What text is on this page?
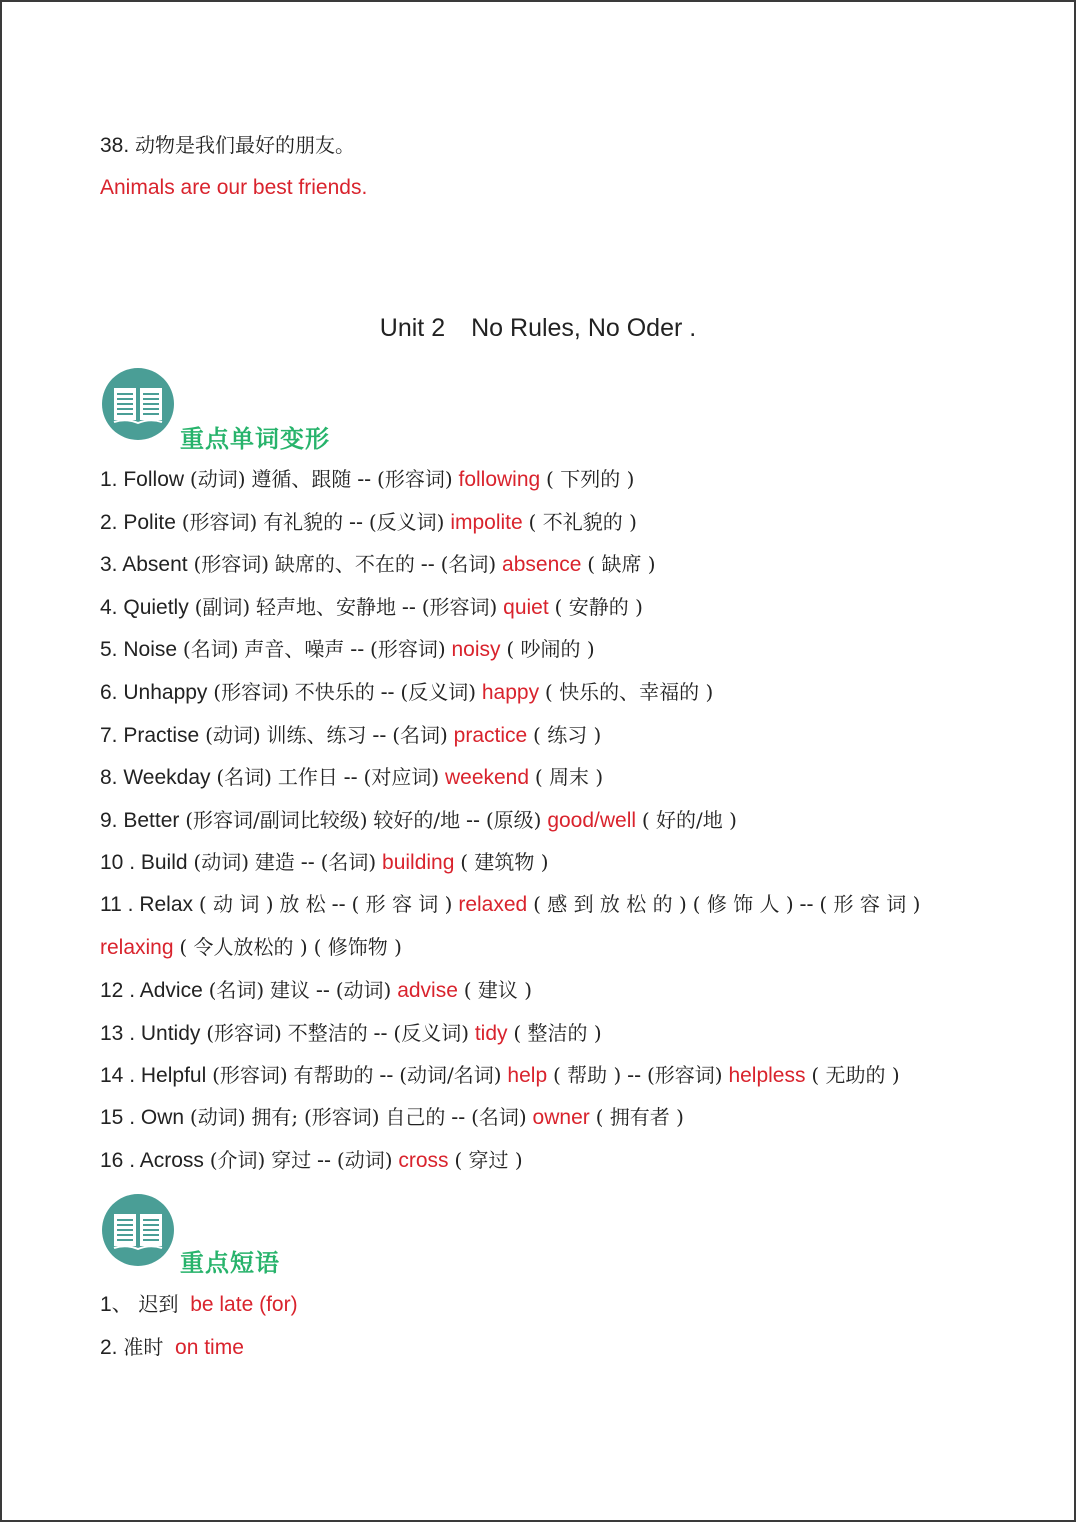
38. 动物是我们最好的朋友。
Animals are our best friends.
Unit 2 No Rules, No Oder .
重点单词变形
1. Follow (动词) 遵循、跟随 -- (形容词) following ( 下列的 )
2. Polite (形容词) 有礼貌的 -- (反义词) impolite ( 不礼貌的 )
3. Absent (形容词) 缺席的、不在的 -- (名词) absence ( 缺席 )
4. Quietly (副词) 轻声地、安静地 -- (形容词) quiet ( 安静的 )
5. Noise (名词) 声音、噪声 -- (形容词) noisy ( 吵闹的 )
6. Unhappy (形容词) 不快乐的 -- (反义词) happy ( 快乐的、幸福的 )
7. Practise (动词) 训练、练习 -- (名词) practice ( 练习 )
8. Weekday (名词) 工作日 -- (对应词) weekend ( 周末 )
9. Better (形容词/副词比较级) 较好的/地 -- (原级) good/well ( 好的/地 )
10 . Build (动词) 建造 -- (名词) building ( 建筑物 )
11 . Relax ( 动 词 ) 放 松 -- ( 形 容 词 ) relaxed ( 感 到 放 松 的 ) ( 修 饰 人 ) -- ( 形 容 词 )
relaxing ( 令人放松的 ) ( 修饰物 )
12 . Advice (名词) 建议 -- (动词) advise ( 建议 )
13 . Untidy (形容词) 不整洁的 -- (反义词) tidy ( 整洁的 )
14 . Helpful (形容词) 有帮助的 -- (动词/名词) help ( 帮助 ) -- (形容词) helpless ( 无助的 )
15 . Own (动词) 拥有; (形容词) 自己的 -- (名词) owner ( 拥有者 )
16 . Across (介词) 穿过 -- (动词) cross ( 穿过 )
重点短语
1、 迟到 be late (for)
2. 准时 on time
